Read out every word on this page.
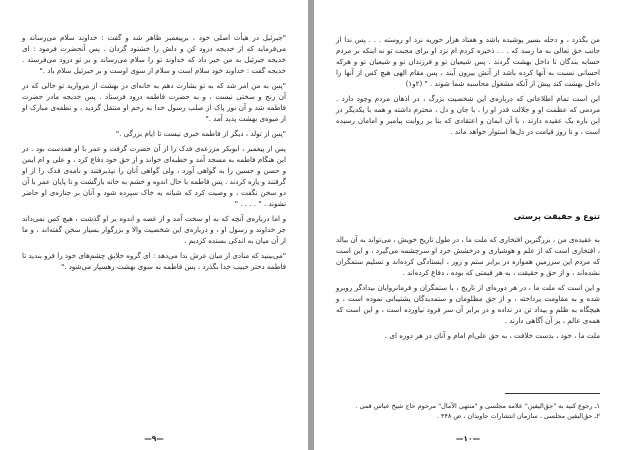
"جبرئیل در هیأت اصلی خود ، برپیغمبر ظاهر شد و گفت : خداوند سلام می‌رساند و می‌فرماید که از خدیجه درود کن و دلش را خشنود گردان . پس آنحضرت فرمود : ای خدیجه جبرئیل به من خبر داد که خداوند تو را سلام می‌رساند و بر تو درود می‌فرستد . خدیجه گفت : خداوند خود سلام است و سلام از سوی اوست و بر جبرئیل سلام باد ."

"پس به من امر شد که به تو بشارت دهم به خانه‌ای در بهشت از مروارید تو خالی که در آن رنج و سختی نیست ، و به حضرت فاطمه درود فرستاد . پس خدیجه مادر حضرت فاطمه شد و آن نور پاک از صلب رسول خدا به رحم او منتقل گردید ، و نطفه‌ی مبارک او از میوه‌ی بهشت پدید آمد ."

"پس از تولد ، دیگر از فاطمه خبری نیست تا ایام بزرگی ."

پس از پیغمبر ، ابوبکر مزرعه‌ی فدک را از آن حضرت گرفت و عمر با او همدست بود . در این هنگام فاطمه به مسجد آمد و خطبه‌ای خواند و از حق خود دفاع کرد ، و علی و ام ایمن و حسن و حسین را به گواهی آورد ، ولی گواهی آنان را نپذیرفتند و نامه‌ی فدک را از او گرفتند و پاره کردند . پس فاطمه با حال اندوه و خشم به خانه بازگشت و تا پایان عمر با آن دو سخن نگفت ، و وصیت کرد که شبانه به خاک سپرده شود و آنان بر جنازه‌ی او حاضر نشوند . " . . . . "

و اما درباره‌ی آنچه که به او سخت آمد و از غصه و اندوه بر او گذشت ، هیچ کس نمی‌داند جز خداوند و رسول او ، و درباره‌ی این شخصیت والا و بزرگوار بسیار سخن گفته‌اند ، و ما از آن میان به اندکی بسنده کردیم .

"می‌بینید که منادی از میان عرش ندا می‌دهد : ای گروه خلایق چشم‌های خود را فرو بندید تا فاطمه دختر حبیب خدا بگذرد ، پس فاطمه به سوی بهشت رهسپار می‌شود ."

—۹—

من بگذرد ، و دجله بسیر پوشیده باشد و هفتاد هزار حوریه نزد او روسته . . . پس ندا از جانب حق تعالی به ما رسد که . . . ذخیره کردم ام نزد او برای محبت تو نه اینکه بر مردم حسابه بندگان تا داخل بهشت گردند . پس شیعیان تو و فرزندان تو و شیعیان تو و هرکه احسانی نسبت به آنها کرده باشد از آتش بیرون آیند ، پس مقام الهی هیچ کس از آنها را داخل بهشت کند پیش از آنکه مشغول محاسبه شما شوند . " (۲و۱)

این است تمام اطلاعاتی که درباره‌ی این شخصیت بزرگ ، در اذهان مردم وجود دارد . مردمی که عظمت او و جلالت قدر او را ، با جان و دل ، محترم داشته و همه با یکدیگر در این باره یک عقیده دارند ، با آن ایمان و اعتقادی که بنا بر روایت پیامبر و امامان رسیده است ، و تا روز قیامت در دل‌ها استوار خواهد ماند .

تنوع و حقیقت پرستی

به عقیده‌ی من ، بزرگترین افتخاری که ملت ما ، در طول تاریخ خویش ، می‌تواند به آن ببالد ، افتخاری است که از علم و هوشیاری و درخشش خرد او سرچشمه می‌گیرد ، و این است که مردم این سرزمین همواره در برابر ستم و زور ، ایستادگی کرده‌اند و تسلیم ستمگران نشده‌اند ، و از حق و حقیقت ، به هر قیمتی که بوده ، دفاع کرده‌اند .

و این است که ملت ما ، در هر دوره‌ای از تاریخ ، با ستمگران و فرمانروایان بیدادگر روبرو شده و به مقاومت پرداخته ، و از حق مظلومان و ستمدیدگان پشتیبانی نموده است ، و هیچگاه به ظلم و بیداد تن در نداده و در برابر آن سر فرود نیاورده است ، و این است که همه‌ی عالم ، بر آن آگاهی دارند .

ملت ما ، خود ، بدست خلافت ، به حق علی‌ام امام و آنان در هر دوره ای .

۱ـ رجوع کنید به "حق‌الیقین" علامه مجلسی و "منتهی الآمال" مرحوم حاج شیخ عباس قمی .

۲ـ حق‌الیقین مجلسی ، سازمان انتشارات جاویدان ، ص ۴۴۸ .

—۱۰—
